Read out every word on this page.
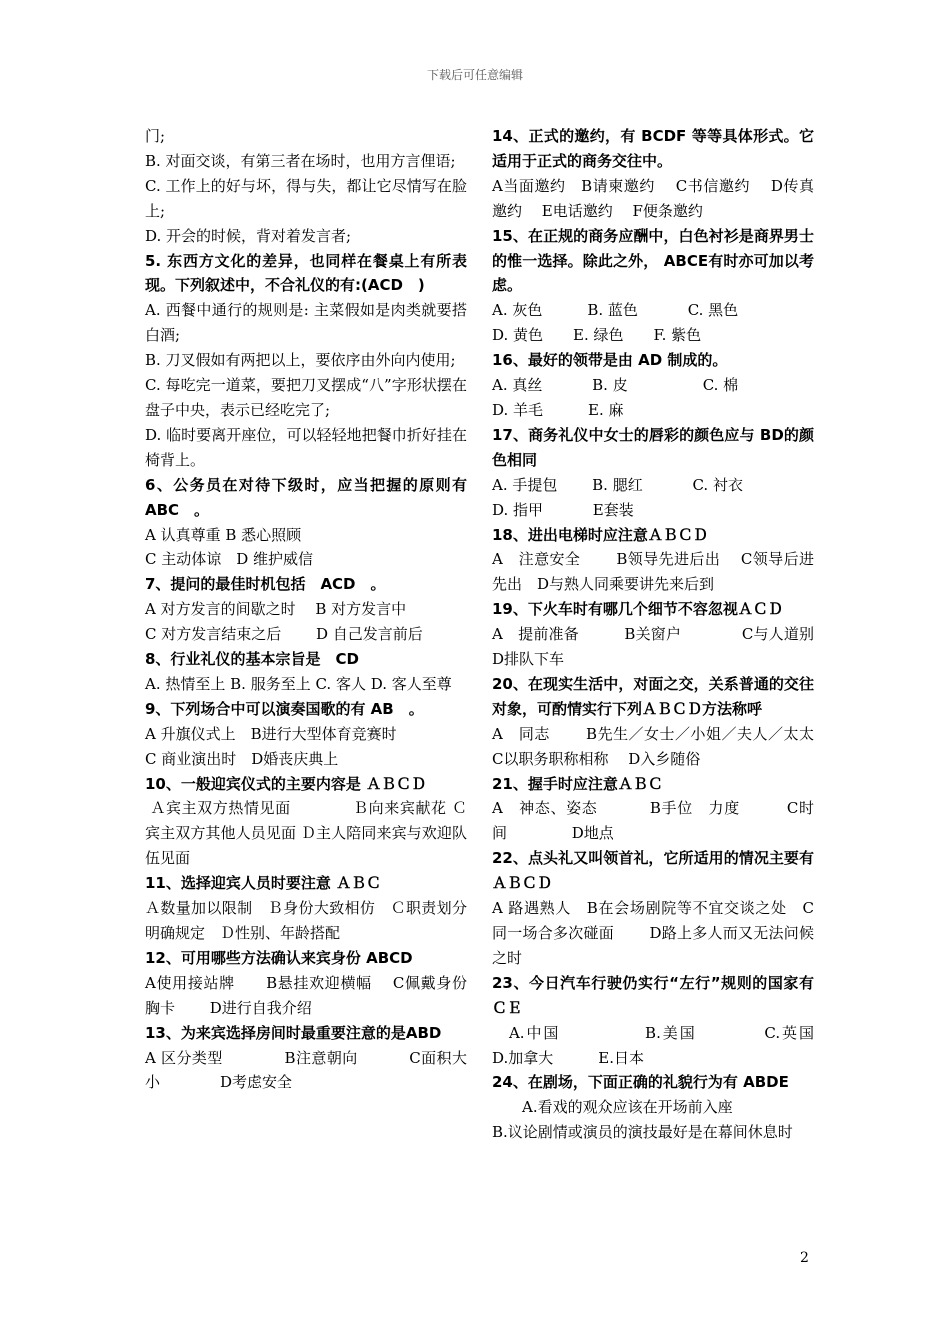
下载后可任意编辑

门;

B. 对面交谈，有第三者在场时，也用方言俚语;

C. 工作上的好与坏，得与失，都让它尽情写在脸上;

D. 开会的时候，背对着发言者;

5. 东西方文化的差异，也同样在餐桌上有所表现。下列叙述中，不合礼仪的有:(ACD　)

A. 西餐中通行的规则是: 主菜假如是肉类就要搭白酒;

B. 刀叉假如有两把以上，要依序由外向内使用;

C. 每吃完一道菜，要把刀叉摆成“八”字形状摆在盘子中央，表示已经吃完了;

D. 临时要离开座位，可以轻轻地把餐巾折好挂在椅背上。

6、公务员在对待下级时，应当把握的原则有 ABC　。

A 认真尊重 B 悉心照顾

C 主动体谅　D 维护威信

7、提问的最佳时机包括　ACD　。

A 对方发言的间歇之时　 B 对方发言中

C 对方发言结束之后　　 D 自己发言前后

8、行业礼仪的基本宗旨是　CD

A. 热情至上 B. 服务至上 C. 客人 D. 客人至尊

9、下列场合中可以演奏国歌的有 AB　。

A 升旗仪式上　B进行大型体育竞赛时

C 商业演出时　D婚丧庆典上

10、一般迎宾仪式的主要内容是 ＡＢＣＤ

Ａ宾主双方热情见面　　　　Ｂ向来宾献花 Ｃ宾主双方其他人员见面 Ｄ主人陪同来宾与欢迎队伍见面

11、选择迎宾人员时要注意 ＡＢＣ

Ａ数量加以限制　Ｂ身份大致相仿　Ｃ职责划分明确规定　Ｄ性别、年龄搭配

12、可用哪些方法确认来宾身份 ABCD

A使用接站牌　　B悬挂欢迎横幅　 C佩戴身份胸卡　　 D进行自我介绍

13、为来宾选择房间时最重要注意的是ABD

A 区分类型　　　　B注意朝向　　　 C面积大小　　　　D考虑安全

14、正式的邀约，有 BCDF 等等具体形式。它适用于正式的商务交往中。

A当面邀约　B请柬邀约　 C书信邀约　 D传真邀约　 E电话邀约　 F便条邀约

15、在正规的商务应酬中，白色衬衫是商界男士的惟一选择。除此之外， ABCE有时亦可加以考虑。

A. 灰色　　　B. 蓝色　　　 C. 黑色

D. 黄色　　E. 绿色　　F. 紫色

16、最好的领带是由 AD 制成的。

A. 真丝　　　 B. 皮　　　　　C. 棉

D. 羊毛　　　E. 麻

17、商务礼仪中女士的唇彩的颜色应与 BD的颜色相同

A. 手提包　　 B. 腮红　　　 C. 衬衣

D. 指甲　　　 E套装

18、进出电梯时应注意ＡＢＣＤ

A　注意安全　　 B领导先进后出　 C领导后进先出　D与熟人同乘要讲先来后到

19、下火车时有哪几个细节不容忽视ＡＣＤ

A　提前准备　　　B关窗户　　　　C与人道别　　　 D排队下车

20、在现实生活中，对面之交，关系普通的交往对象，可酌情实行下列ＡＢＣＤ方法称呼

A　同志　　 B先生／女士／小姐／夫人／太太　　C以职务职称相称　 D入乡随俗

21、握手时应注意ＡＢＣ

A　神态、姿态　　　 B手位　力度　　　C时间　　　　 D地点

22、点头礼又叫领首礼，它所适用的情况主要有ＡＢＣＤ

A 路遇熟人　B在会场剧院等不宜交谈之处　C同一场合多次碰面　　 D路上多人而又无法问候之时

23、今日汽车行驶仍实行“左行”规则的国家有 ＣＥ

　A.中国　　　　　B.美国　　　　C.英国　　　　D.加拿大　　　E.日本

24、在剧场，下面正确的礼貌行为有 ABDE

　　A.看戏的观众应该在开场前入座

B.议论剧情或演员的演技最好是在幕间休息时

2
